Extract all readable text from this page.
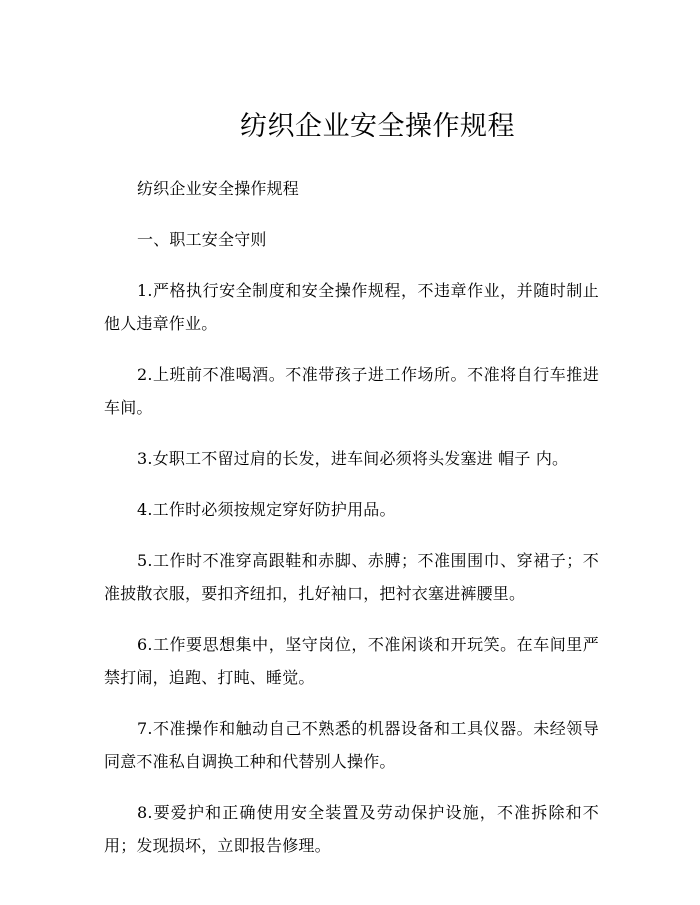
纺织企业安全操作规程

纺织企业安全操作规程

一、职工安全守则

1.严格执行安全制度和安全操作规程，不违章作业，并随时制止他人违章作业。

2.上班前不准喝酒。不准带孩子进工作场所。不准将自行车推进车间。

3.女职工不留过肩的长发，进车间必须将头发塞进 帽子 内。

4.工作时必须按规定穿好防护用品。

5.工作时不准穿高跟鞋和赤脚、赤膊；不准围围巾、穿裙子；不准披散衣服，要扣齐纽扣，扎好袖口，把衬衣塞进裤腰里。

6.工作要思想集中，坚守岗位，不准闲谈和开玩笑。在车间里严禁打闹，追跑、打盹、睡觉。

7.不准操作和触动自己不熟悉的机器设备和工具仪器。未经领导同意不准私自调换工种和代替别人操作。

8.要爱护和正确使用安全装置及劳动保护设施，不准拆除和不用；发现损坏，立即报告修理。
